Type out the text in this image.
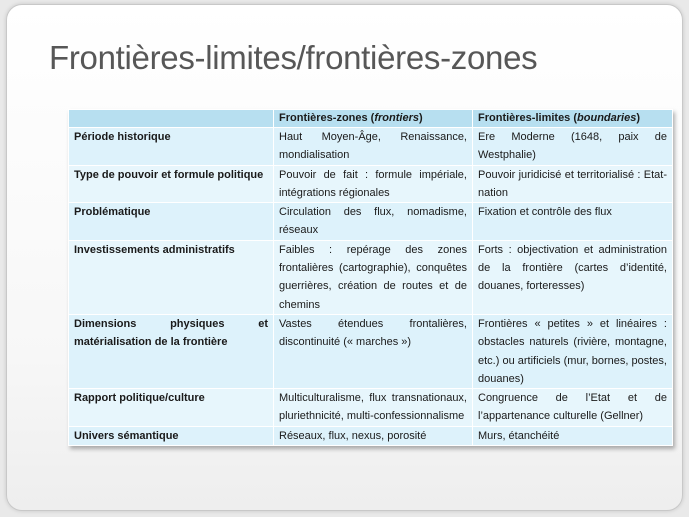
Frontières-limites/frontières-zones
	Frontières-zones (frontiers)	Frontières-limites (boundaries)
Période historique	Haut Moyen-Âge, Renaissance, mondialisation	Ere Moderne (1648, paix de Westphalie)
Type de pouvoir et formule politique	Pouvoir de fait : formule impériale, intégrations régionales	Pouvoir juridicisé et territorialisé : Etat-nation
Problématique	Circulation des flux, nomadisme, réseaux	Fixation et contrôle des flux
Investissements administratifs	Faibles : repérage des zones frontalières (cartographie), conquêtes guerrières, création de routes et de chemins	Forts : objectivation et administration de la frontière (cartes d’identité, douanes, forteresses)
Dimensions physiques et matérialisation de la frontière	Vastes étendues frontalières, discontinuité (« marches »)	Frontières « petites » et linéaires : obstacles naturels (rivière, montagne, etc.) ou artificiels (mur, bornes, postes, douanes)
Rapport politique/culture	Multiculturalisme, flux transnationaux, pluriethnicité, multi-confessionnalisme	Congruence de l’Etat et de l’appartenance culturelle (Gellner)
Univers sémantique	Réseaux, flux, nexus, porosité	Murs, étanchéité
